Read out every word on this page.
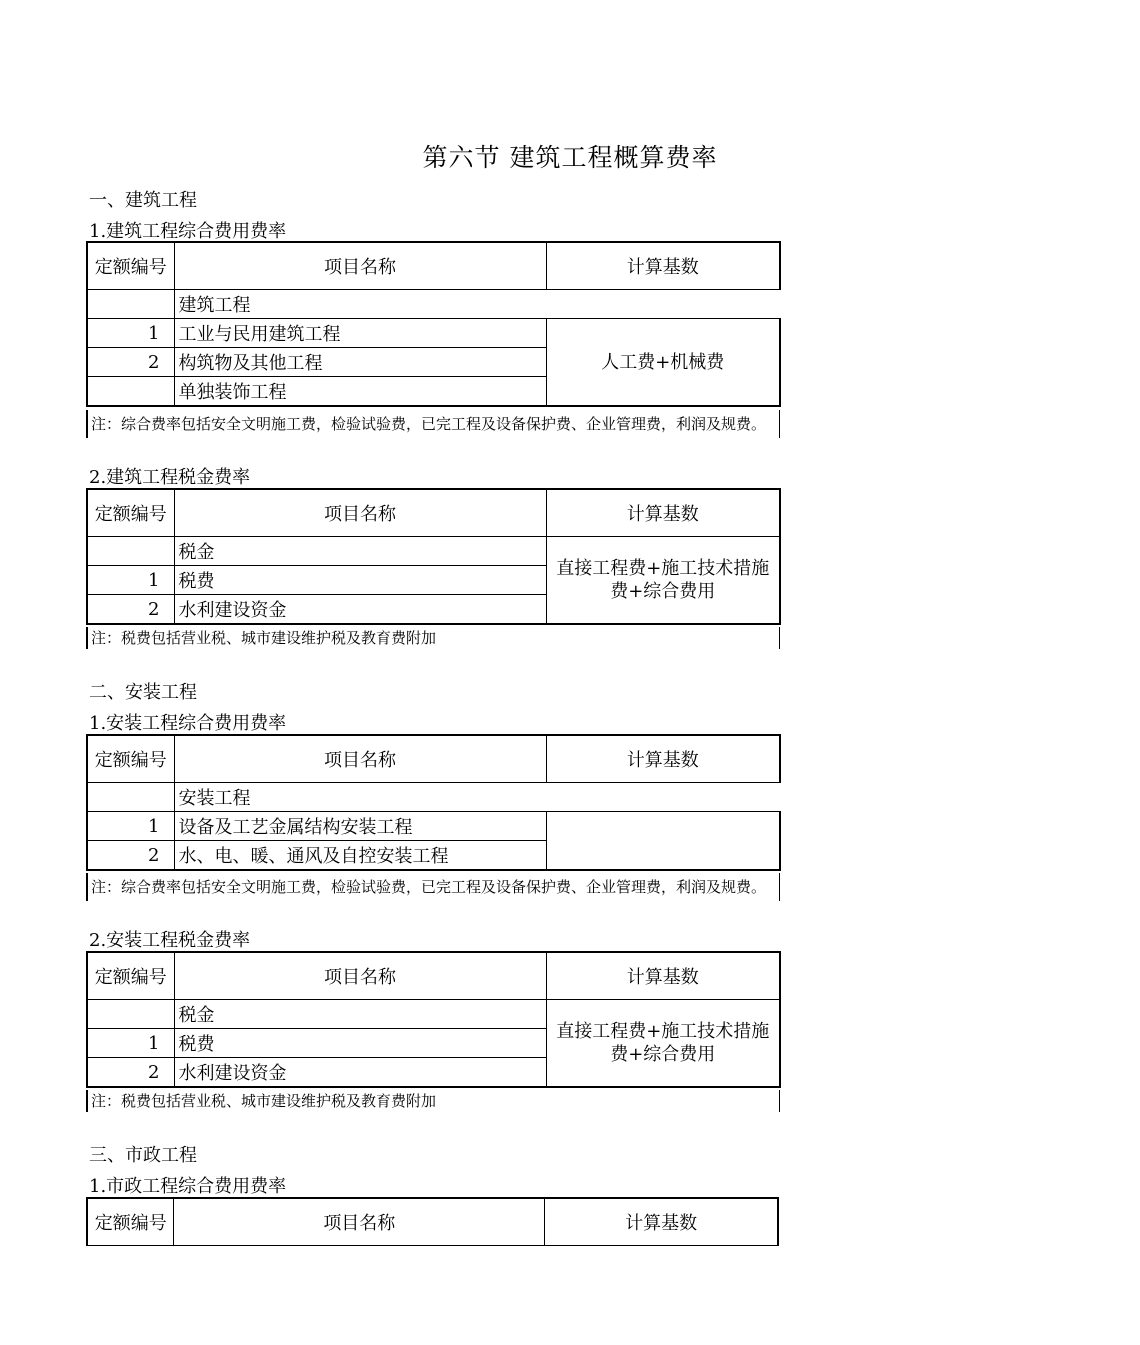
第六节 建筑工程概算费率
一、建筑工程
1.建筑工程综合费用费率
定额编号	项目名称	计算基数
	建筑工程	
1	工业与民用建筑工程	人工费+机械费
2	构筑物及其他工程	
	单独装饰工程	
注：综合费率包括安全文明施工费，检验试验费，已完工程及设备保护费、企业管理费，利润及规费。
2.建筑工程税金费率
定额编号	项目名称	计算基数
	税金	直接工程费+施工技术措施费+综合费用
1	税费	
2	水利建设资金	
注：税费包括营业税、城市建设维护税及教育费附加
二、安装工程
1.安装工程综合费用费率
定额编号	项目名称	计算基数
	安装工程	
1	设备及工艺金属结构安装工程	
2	水、电、暖、通风及自控安装工程	
注：综合费率包括安全文明施工费，检验试验费，已完工程及设备保护费、企业管理费，利润及规费。
2.安装工程税金费率
定额编号	项目名称	计算基数
	税金	直接工程费+施工技术措施费+综合费用
1	税费	
2	水利建设资金	
注：税费包括营业税、城市建设维护税及教育费附加
三、市政工程
1.市政工程综合费用费率
定额编号	项目名称	计算基数
